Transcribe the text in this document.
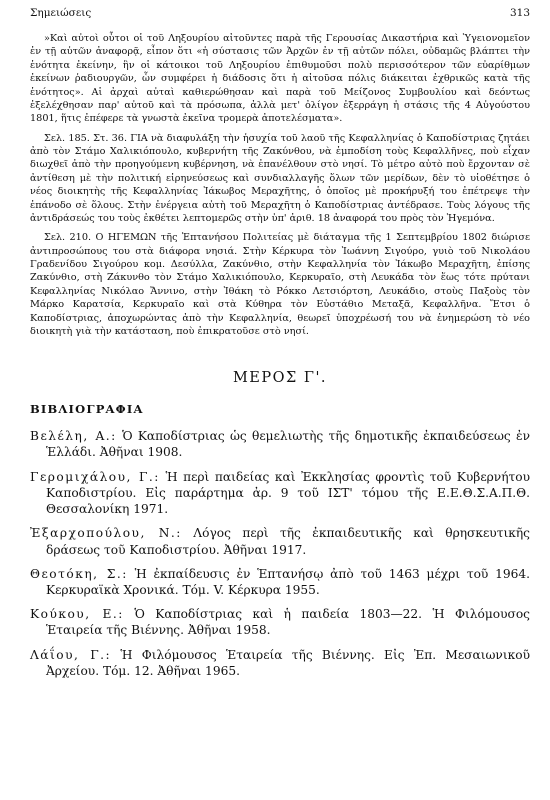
Σημειώσεις	313

»Καὶ αὐτοὶ οὗτοι οἱ τοῦ Ληξουρίου αἰτοῦντες παρὰ τῆς Γερουσίας Δικαστήρια καὶ Ὑγειονομεῖον ἐν τῇ αὐτῶν ἀναφορᾷ, εἶπον ὅτι «ἡ σύστασις τῶν Ἀρχῶν ἐν τῇ αὐτῶν πόλει, οὐδαμῶς βλάπτει τὴν ἑνότητα ἐκείνην, ἣν οἱ κάτοικοι τοῦ Ληξουρίου ἐπιθυμοῦσι πολὺ περισσότερον τῶν εὐαρίθμων ἐκείνων ῥαδιουργῶν, ὧν συμφέρει ἡ διάδοσις ὅτι ἡ αἰτοῦσα πόλις διάκειται ἐχθρικῶς κατὰ τῆς ἑνότητος». Αἱ ἀρχαὶ αὐταὶ καθιερώθησαν καὶ παρὰ τοῦ Μείζονος Συμβουλίου καὶ δεόντως ἐξελέχθησαν παρ' αὐτοῦ καὶ τὰ πρόσωπα, ἀλλὰ μετ' ὀλίγον ἐξερράγη ἡ στάσις τῆς 4 Αὐγούστου 1801, ἥτις ἐπέφερε τὰ γνωστὰ ἐκεῖνα τρομερὰ ἀποτελέσματα».

Σελ. 185. Στ. 36. ΓΙΑ νὰ διαφυλάξη τὴν ἡσυχία τοῦ λαοῦ τῆς Κεφαλληνίας ὁ Καποδίστριας ζητάει ἀπὸ τὸν Στάμο Χαλικιόπουλο, κυβερνήτη τῆς Ζακύνθου, νὰ ἐμποδίση τοὺς Κεφαλλῆνες, ποὺ εἶχαν διωχθεῖ ἀπὸ τὴν προηγούμενη κυβέρνηση, νὰ ἐπανέλθουν στὸ νησί. Τὸ μέτρο αὐτὸ ποὺ ἔρχονταν σὲ ἀντίθεση μὲ τὴν πολιτική εἰρηνεύσεως καὶ συνδιαλλαγῆς ὅλων τῶν μερίδων, δὲν τὸ υἱοθέτησε ὁ νέος διοικητὴς τῆς Κεφαλληνίας Ἰάκωβος Μεραχῆτης, ὁ ὁποῖος μὲ προκήρυξή του ἐπέτρεψε τὴν ἐπάνοδο σὲ ὅλους. Στὴν ἐνέργεια αὐτὴ τοῦ Μεραχῆτη ὁ Καποδίστριας ἀντέδρασε. Τοὺς λόγους τῆς ἀντιδράσεώς του τοὺς ἐκθέτει λεπτομερῶς στὴν ὑπ' ἀριθ. 18 ἀναφορά του πρὸς τὸν Ἡγεμόνα.

Σελ. 210. Ο ΗΓΕΜΩΝ τῆς Ἑπτανήσου Πολιτείας μὲ διάταγμα τῆς 1 Σεπτεμβρίου 1802 διώρισε ἀντιπροσώπους του στὰ διάφορα νησιά. Στὴν Κέρκυρα τὸν Ἰωάννη Σιγούρο, γυιὸ τοῦ Νικολάου Γραδενίδου Σιγούρου κομ. Δεσύλλα, Ζακύνθιο, στὴν Κεφαλληνία τὸν Ἰάκωβο Μεραχῆτη, ἐπίσης Ζακύνθιο, στὴ Ζάκυνθο τὸν Στάμο Χαλικιόπουλο, Κερκυραῖο, στὴ Λευκάδα τὸν ἕως τότε πρύτανι Κεφαλληνίας Νικόλαο Ἄννινο, στὴν Ἰθάκη τὸ Ρόκκο Λετσιόρτση, Λευκάδιο, στοὺς Παξοὺς τὸν Μάρκο Καρατσία, Κερκυραῖο καὶ στὰ Κύθηρα τὸν Εὐστάθιο Μεταξᾶ, Κεφαλλῆνα. Ἔτσι ὁ Καποδίστριας, ἀποχωρώντας ἀπὸ τὴν Κεφαλληνία, θεωρεῖ ὑποχρέωσή του νὰ ἐνημερώση τὸ νέο διοικητὴ γιὰ τὴν κατάσταση, ποὺ ἐπικρατοῦσε στὸ νησί.

ΜΕΡΟΣ Γ'.
ΒΙΒΛΙΟΓΡΑΦΙΑ
Βελέλη, Α.: Ὁ Καποδίστριας ὡς θεμελιωτὴς τῆς δημοτικῆς ἐκπαιδεύσεως ἐν Ἑλλάδι. Ἀθῆναι 1908.
Γερομιχάλου, Γ.: Ἡ περὶ παιδείας καὶ Ἐκκλησίας φροντὶς τοῦ Κυβερνήτου Καποδιστρίου. Εἰς παράρτημα ἀρ. 9 τοῦ ΙΣΤ' τόμου τῆς Ε.Ε.Θ.Σ.Α.Π.Θ. Θεσσαλονίκη 1971.
Ἐξαρχοπούλου, Ν.: Λόγος περὶ τῆς ἐκπαιδευτικῆς καὶ θρησκευτικῆς δράσεως τοῦ Καποδιστρίου. Ἀθῆναι 1917.
Θεοτόκη, Σ.: Ἡ ἐκπαίδευσις ἐν Ἑπτανήσῳ ἀπὸ τοῦ 1463 μέχρι τοῦ 1964. Κερκυραϊκὰ Χρονικά. Τόμ. V. Κέρκυρα 1955.
Κούκου, Ε.: Ὁ Καποδίστριας καὶ ἡ παιδεία 1803—22. Ἡ Φιλόμουσος Ἑταιρεία τῆς Βιέννης. Ἀθῆναι 1958.
Λάΐου, Γ.: Ἡ Φιλόμουσος Ἑταιρεία τῆς Βιέννης. Εἰς Ἐπ. Μεσαιωνικοῦ Ἀρχείου. Τόμ. 12. Ἀθῆναι 1965.
